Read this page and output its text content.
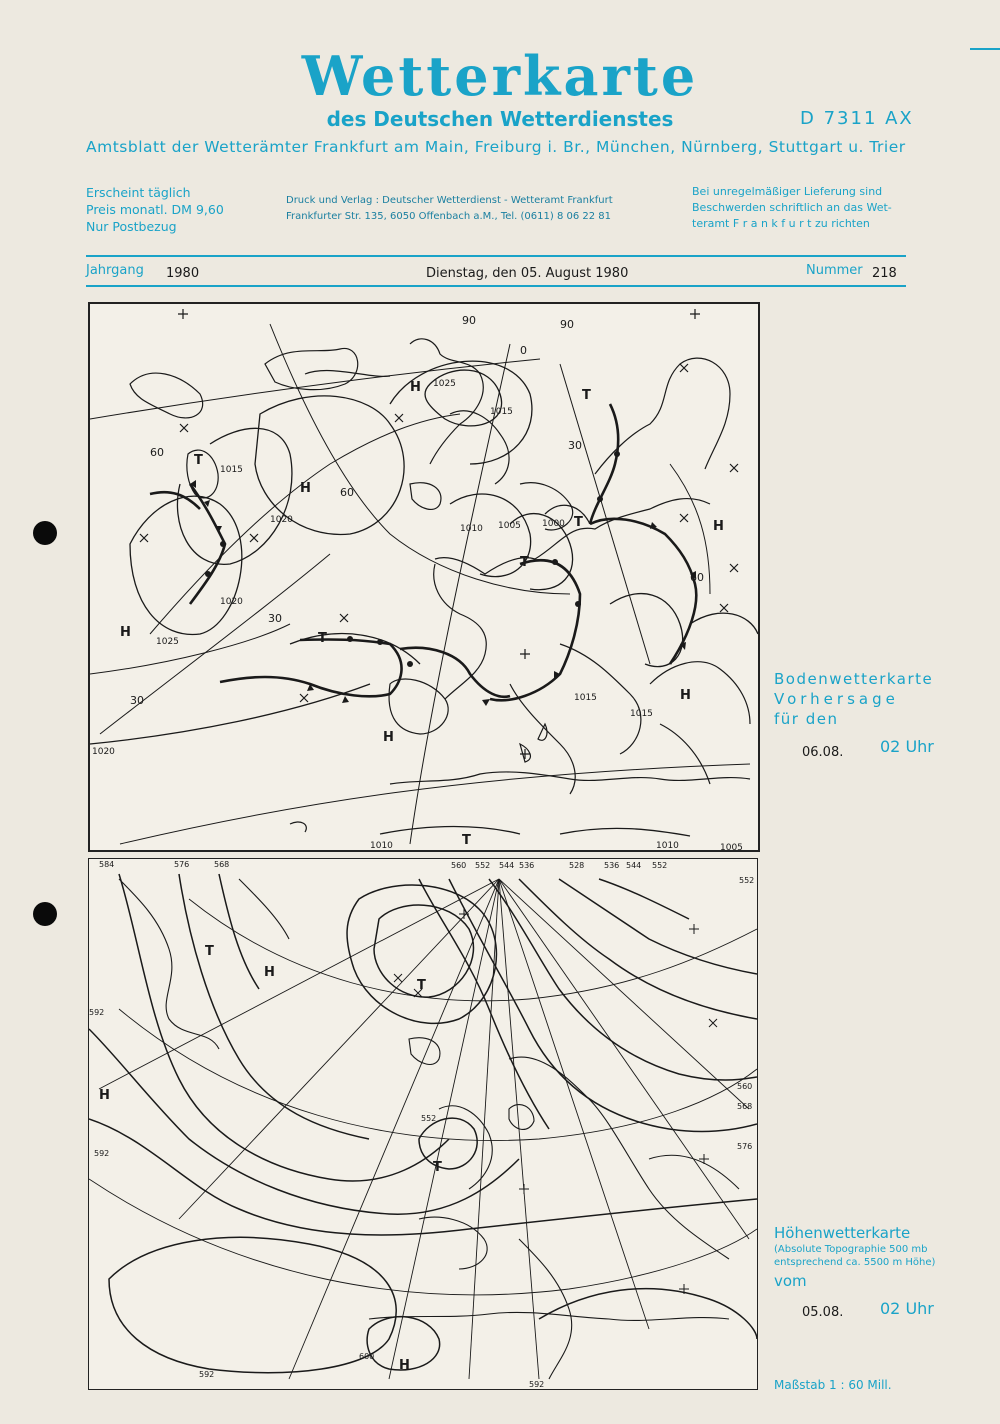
Wetterkarte
des Deutschen Wetterdienstes	D 7311 AX
Amtsblatt der Wetterämter Frankfurt am Main, Freiburg i. Br., München, Nürnberg, Stuttgart u. Trier
Erscheint täglich
Preis monatl. DM 9,60
Nur Postbezug
Druck und Verlag : Deutscher Wetterdienst - Wetteramt Frankfurt
Frankfurter Str. 135, 6050 Offenbach a.M., Tel. (0611) 8 06 22 81
Bei unregelmäßiger Lieferung sind
Beschwerden schriftlich an das Wet-
teramt F r a n k f u r t zu richten
Jahrgang 1980	Dienstag, den 05. August 1980	Nummer 218
H
H
H
H
H
H
T
T
T
T
T
T
1025
1015
1015
1020
1020
1025
1010 1005 1000
1015
1015
1020
1010	1010	1005
60
60
30
30
30
60
90	90
0
Bodenwetterkarte
Vorhersage
für den
06.08. 02 Uhr
584	576	568	560 552 544 536	528 536 544 552
552
592
592
560
568
576
592
600
592
552
H
H
H
T
T
T
Höhenwetterkarte
(Absolute Topographie 500 mb
entsprechend ca. 5500 m Höhe)
vom
05.08. 02 Uhr
Maßstab 1 : 60 Mill.
